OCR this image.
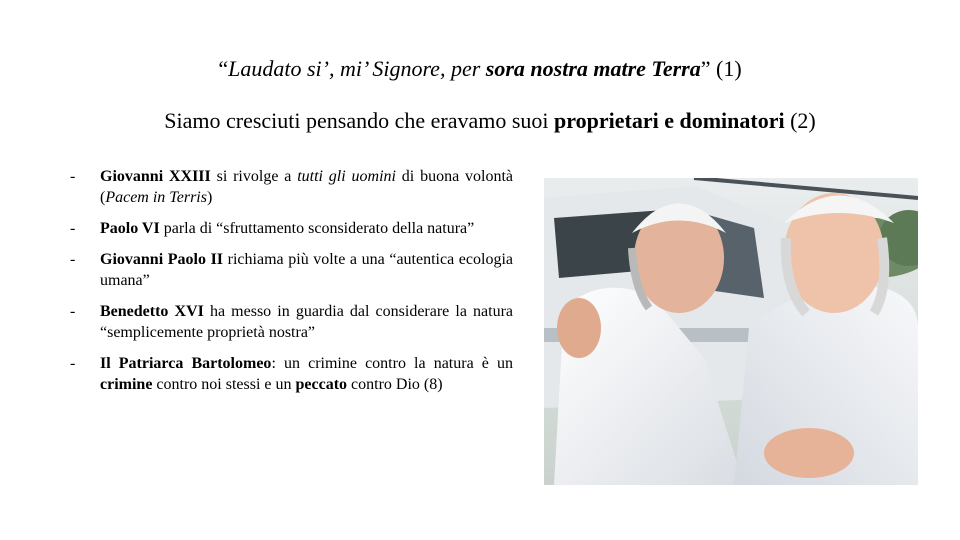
“Laudato si’, mi’ Signore, per sora nostra matre Terra” (1)
Siamo cresciuti pensando che eravamo suoi proprietari e dominatori (2)
- Giovanni XXIII si rivolge a tutti gli uomini di buona volontà (Pacem in Terris)
- Paolo VI parla di “sfruttamento sconsiderato della natura”
- Giovanni Paolo II richiama più volte a una “autentica ecologia umana”
- Benedetto XVI ha messo in guardia dal considerare la natura “semplicemente proprietà nostra”
- Il Patriarca Bartolomeo: un crimine contro la natura è un crimine contro noi stessi e un peccato contro Dio (8)
